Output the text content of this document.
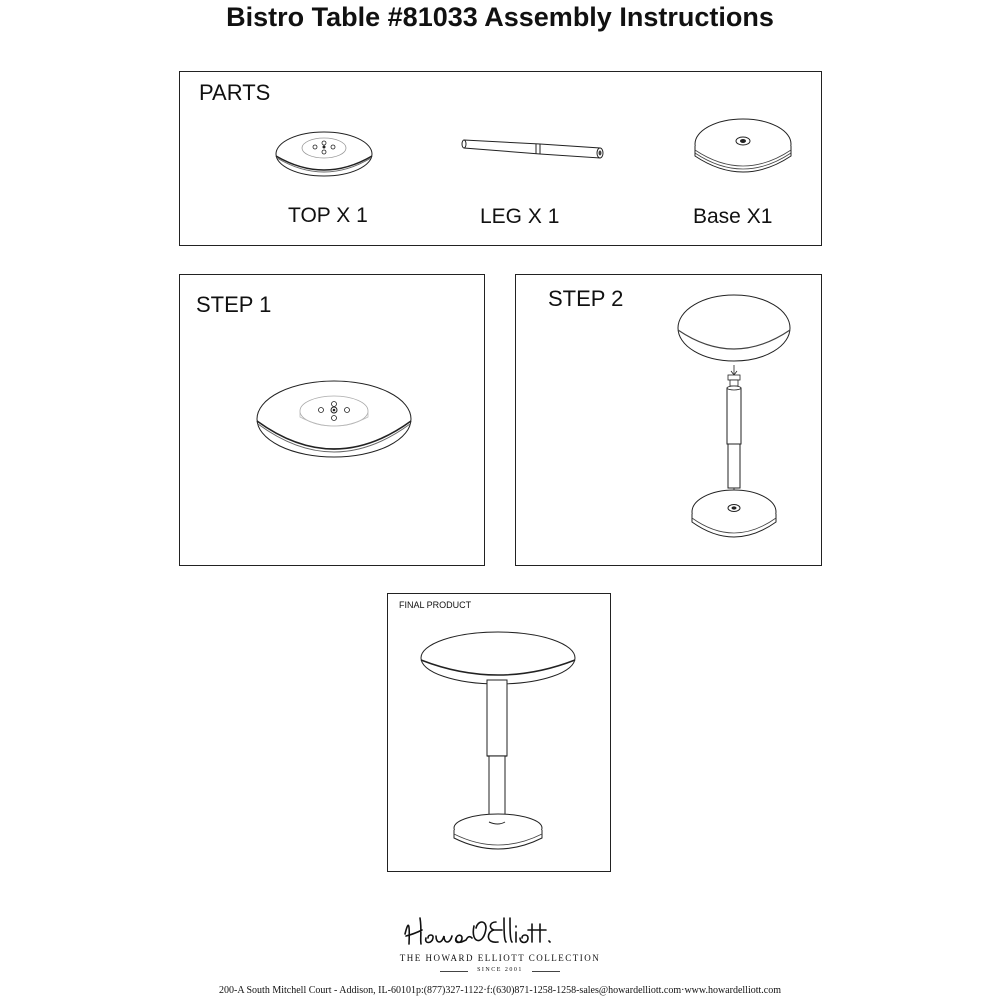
Bistro Table #81033 Assembly Instructions
PARTS
TOP X 1	LEG X 1	Base X1
STEP 1	STEP 2
FINAL PRODUCT
THE HOWARD ELLIOTT COLLECTION
SINCE 2001
200-A South Mitchell Court - Addison, IL-60101p:(877)327-1122·f:(630)871-1258-1258-sales@howardelliott.com·www.howardelliott.com
